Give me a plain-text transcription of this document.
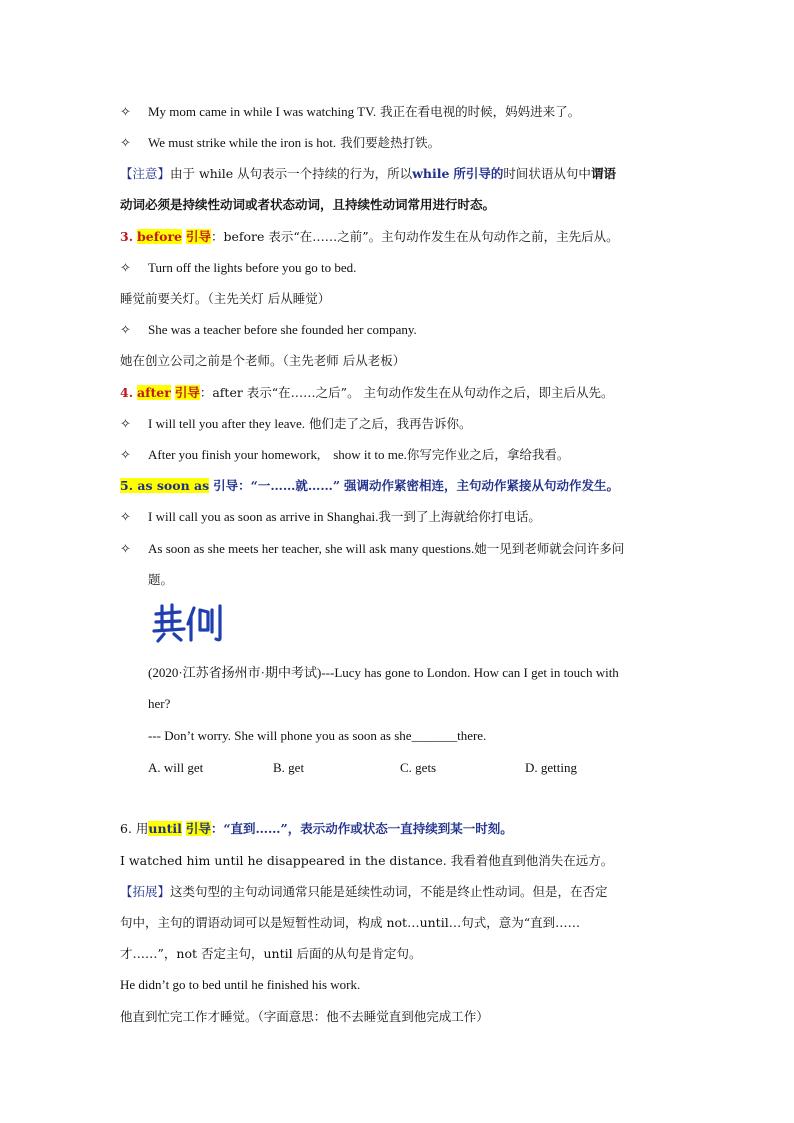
✧ My mom came in while I was watching TV. 我正在看电视的时候，妈妈进来了。
✧ We must strike while the iron is hot. 我们要趁热打铁。
【注意】由于 while 从句表示一个持续的行为，所以while 所引导的时间状语从句中谓语
动词必须是持续性动词或者状态动词，且持续性动词常用进行时态。
3. before 引导：before 表示“在……之前”。主句动作发生在从句动作之前，主先后从。
✧ Turn off the lights before you go to bed.
睡觉前要关灯。（主先关灯 后从睡觉）
✧ She was a teacher before she founded her company.
她在创立公司之前是个老师。（主先老师 后从老板）
4. after 引导：after 表示“在……之后”。 主句动作发生在从句动作之后，即主后从先。
✧ I will tell you after they leave. 他们走了之后，我再告诉你。
✧ After you finish your homework,    show it to me.你写完作业之后，拿给我看。
5. as soon as 引导：“一……就……” 强调动作紧密相连，主句动作紧接从句动作发生。
✧ I will call you as soon as arrive in Shanghai.我一到了上海就给你打电话。
✧ As soon as she meets her teacher, she will ask many questions.她一见到老师就会问许多问
题。
(2020·江苏省扬州市·期中考试)---Lucy has gone to London. How can I get in touch with
her?
--- Don’t worry. She will phone you as soon as she_______there.
A. will get	B. get	C. gets	D. getting
6. 用until 引导：“直到……”，表示动作或状态一直持续到某一时刻。
I watched him until he disappeared in the distance. 我看着他直到他消失在远方。
【拓展】这类句型的主句动词通常只能是延续性动词，不能是终止性动词。但是，在否定
句中，主句的谓语动词可以是短暂性动词，构成 not…until…句式，意为“直到……
才……”，not 否定主句，until 后面的从句是肯定句。
He didn’t go to bed until he finished his work.
他直到忙完工作才睡觉。（字面意思：他不去睡觉直到他完成工作）
